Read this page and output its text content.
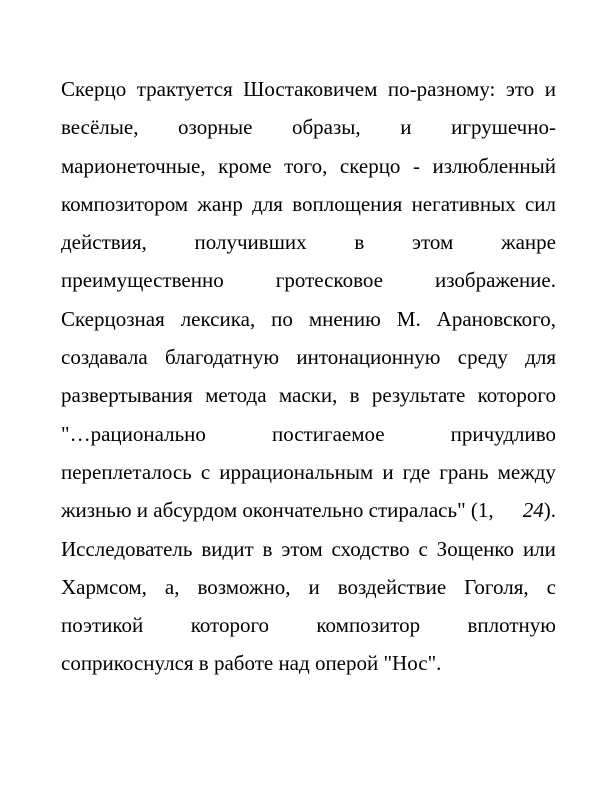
Скерцо трактуется Шостаковичем по-разному: это и
весёлые, озорные образы, и игрушечно-
марионеточные, кроме того, скерцо - излюбленный
композитором жанр для воплощения негативных сил
действия, получивших в этом жанре
преимущественно гротесковое изображение.
Скерцозная лексика, по мнению М. Арановского,
создавала благодатную интонационную среду для
развертывания метода маски, в результате которого
"…рационально	постигаемое	причудливо
переплеталось с иррациональным и где грань между
жизнью и абсурдом окончательно стиралась" (1, 24).
Исследователь видит в этом сходство с Зощенко или
Хармсом, а, возможно, и воздействие Гоголя, с
поэтикой которого композитор вплотную
соприкоснулся в работе над оперой "Нос".
